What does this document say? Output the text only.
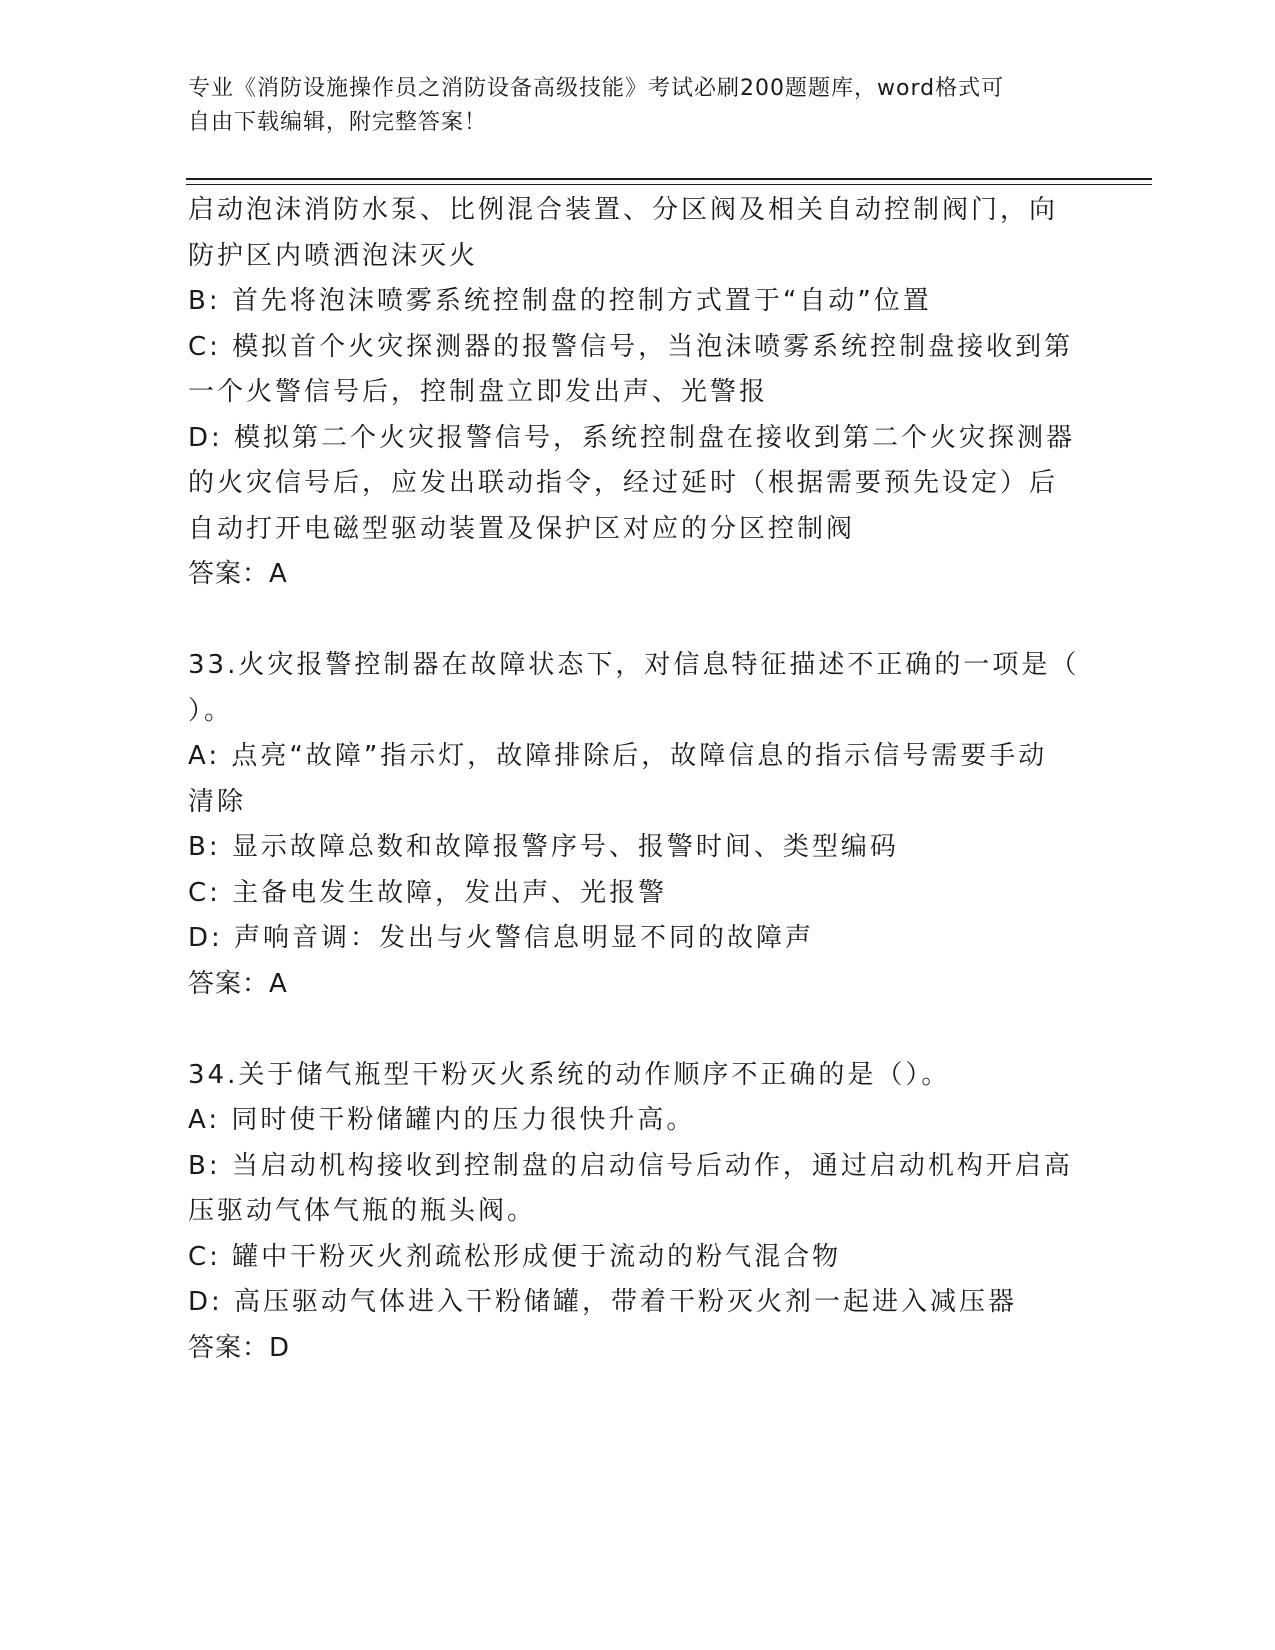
专业《消防设施操作员之消防设备高级技能》考试必刷200题题库，word格式可
自由下载编辑，附完整答案！
启动泡沫消防水泵、比例混合装置、分区阀及相关自动控制阀门，向
防护区内喷洒泡沫灭火
B: 首先将泡沫喷雾系统控制盘的控制方式置于“自动”位置
C: 模拟首个火灾探测器的报警信号，当泡沫喷雾系统控制盘接收到第
一个火警信号后，控制盘立即发出声、光警报
D: 模拟第二个火灾报警信号，系统控制盘在接收到第二个火灾探测器
的火灾信号后，应发出联动指令，经过延时（根据需要预先设定）后
自动打开电磁型驱动装置及保护区对应的分区控制阀
答案：A
33.火灾报警控制器在故障状态下，对信息特征描述不正确的一项是（
）。
A: 点亮“故障”指示灯，故障排除后，故障信息的指示信号需要手动
清除
B: 显示故障总数和故障报警序号、报警时间、类型编码
C: 主备电发生故障，发出声、光报警
D: 声响音调：发出与火警信息明显不同的故障声
答案：A
34.关于储气瓶型干粉灭火系统的动作顺序不正确的是（）。
A: 同时使干粉储罐内的压力很快升高。
B: 当启动机构接收到控制盘的启动信号后动作，通过启动机构开启高
压驱动气体气瓶的瓶头阀。
C: 罐中干粉灭火剂疏松形成便于流动的粉气混合物
D: 高压驱动气体进入干粉储罐，带着干粉灭火剂一起进入减压器
答案：D
